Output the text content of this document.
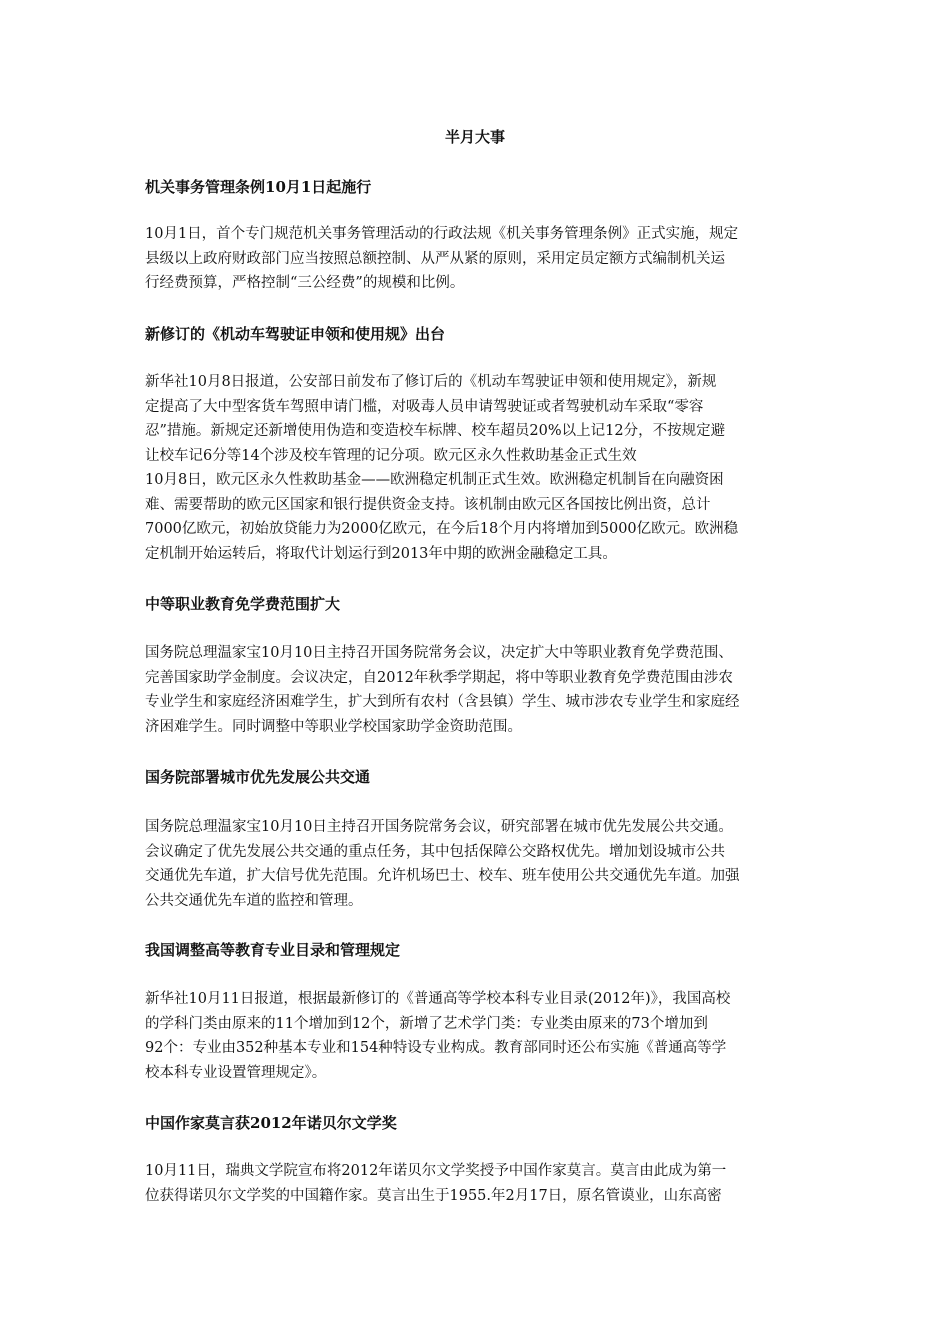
半月大事
机关事务管理条例10月1日起施行
10月1日，首个专门规范机关事务管理活动的行政法规《机关事务管理条例》正式实施，规定
县级以上政府财政部门应当按照总额控制、从严从紧的原则，采用定员定额方式编制机关运
行经费预算，严格控制“三公经费”的规模和比例。
新修订的《机动车驾驶证申领和使用规》出台
新华社10月8日报道，公安部日前发布了修订后的《机动车驾驶证申领和使用规定》，新规
定提高了大中型客货车驾照申请门槛，对吸毒人员申请驾驶证或者驾驶机动车采取“零容
忍”措施。新规定还新增使用伪造和变造校车标牌、校车超员20%以上记12分，不按规定避
让校车记6分等14个涉及校车管理的记分项。欧元区永久性救助基金正式生效
10月8日，欧元区永久性救助基金——欧洲稳定机制正式生效。欧洲稳定机制旨在向融资困
难、需要帮助的欧元区国家和银行提供资金支持。该机制由欧元区各国按比例出资，总计
7000亿欧元，初始放贷能力为2000亿欧元，在今后18个月内将增加到5000亿欧元。欧洲稳
定机制开始运转后，将取代计划运行到2013年中期的欧洲金融稳定工具。
中等职业教育免学费范围扩大
国务院总理温家宝10月10日主持召开国务院常务会议，决定扩大中等职业教育免学费范围、
完善国家助学金制度。会议决定，自2012年秋季学期起，将中等职业教育免学费范围由涉农
专业学生和家庭经济困难学生，扩大到所有农村（含县镇）学生、城市涉农专业学生和家庭经
济困难学生。同时调整中等职业学校国家助学金资助范围。
国务院部署城市优先发展公共交通
国务院总理温家宝10月10日主持召开国务院常务会议，研究部署在城市优先发展公共交通。
会议确定了优先发展公共交通的重点任务，其中包括保障公交路权优先。增加划设城市公共
交通优先车道，扩大信号优先范围。允许机场巴士、校车、班车使用公共交通优先车道。加强
公共交通优先车道的监控和管理。
我国调整高等教育专业目录和管理规定
新华社10月11日报道，根据最新修订的《普通高等学校本科专业目录(2012年)》，我国高校
的学科门类由原来的11个增加到12个，新增了艺术学门类：专业类由原来的73个增加到
92个：专业由352种基本专业和154种特设专业构成。教育部同时还公布实施《普通高等学
校本科专业设置管理规定》。
中国作家莫言获2012年诺贝尔文学奖
10月11日，瑞典文学院宣布将2012年诺贝尔文学奖授予中国作家莫言。莫言由此成为第一
位获得诺贝尔文学奖的中国籍作家。莫言出生于1955.年2月17日，原名管谟业，山东高密
